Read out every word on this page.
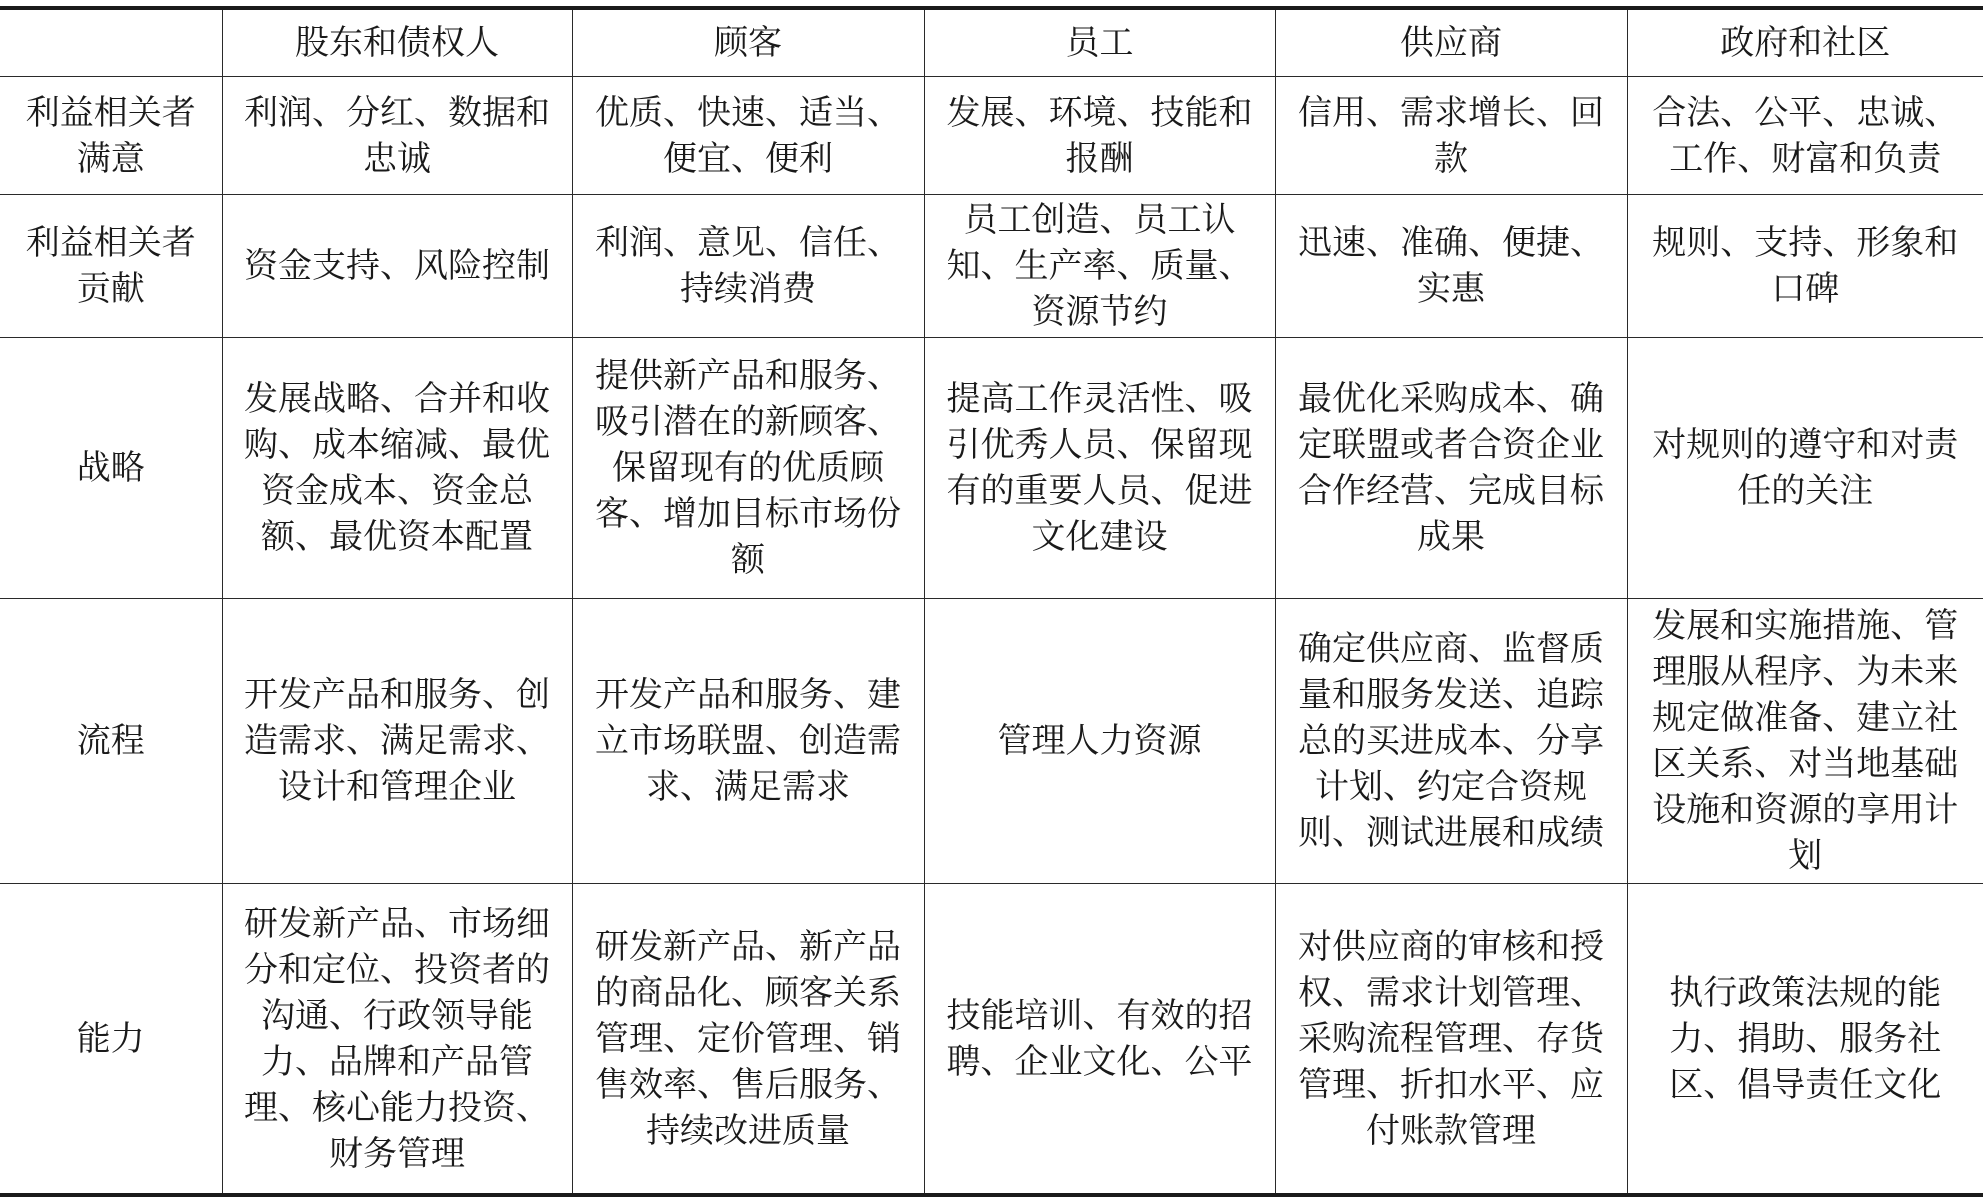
	股东和债权人	顾客	员工	供应商	政府和社区
利益相关者满意	利润、分红、数据和忠诚	优质、快速、适当、便宜、便利	发展、环境、技能和报酬	信用、需求增长、回款	合法、公平、忠诚、工作、财富和负责
利益相关者贡献	资金支持、风险控制	利润、意见、信任、持续消费	员工创造、员工认知、生产率、质量、资源节约	迅速、准确、便捷、实惠	规则、支持、形象和口碑
战略	发展战略、合并和收购、成本缩减、最优资金成本、资金总额、最优资本配置	提供新产品和服务、吸引潜在的新顾客、保留现有的优质顾客、增加目标市场份额	提高工作灵活性、吸引优秀人员、保留现有的重要人员、促进文化建设	最优化采购成本、确定联盟或者合资企业合作经营、完成目标成果	对规则的遵守和对责任的关注
流程	开发产品和服务、创造需求、满足需求、设计和管理企业	开发产品和服务、建立市场联盟、创造需求、满足需求	管理人力资源	确定供应商、监督质量和服务发送、追踪总的买进成本、分享计划、约定合资规则、测试进展和成绩	发展和实施措施、管理服从程序、为未来规定做准备、建立社区关系、对当地基础设施和资源的享用计划
能力	研发新产品、市场细分和定位、投资者的沟通、行政领导能力、品牌和产品管理、核心能力投资、财务管理	研发新产品、新产品的商品化、顾客关系管理、定价管理、销售效率、售后服务、持续改进质量	技能培训、有效的招聘、企业文化、公平	对供应商的审核和授权、需求计划管理、采购流程管理、存货管理、折扣水平、应付账款管理	执行政策法规的能力、捐助、服务社区、倡导责任文化
